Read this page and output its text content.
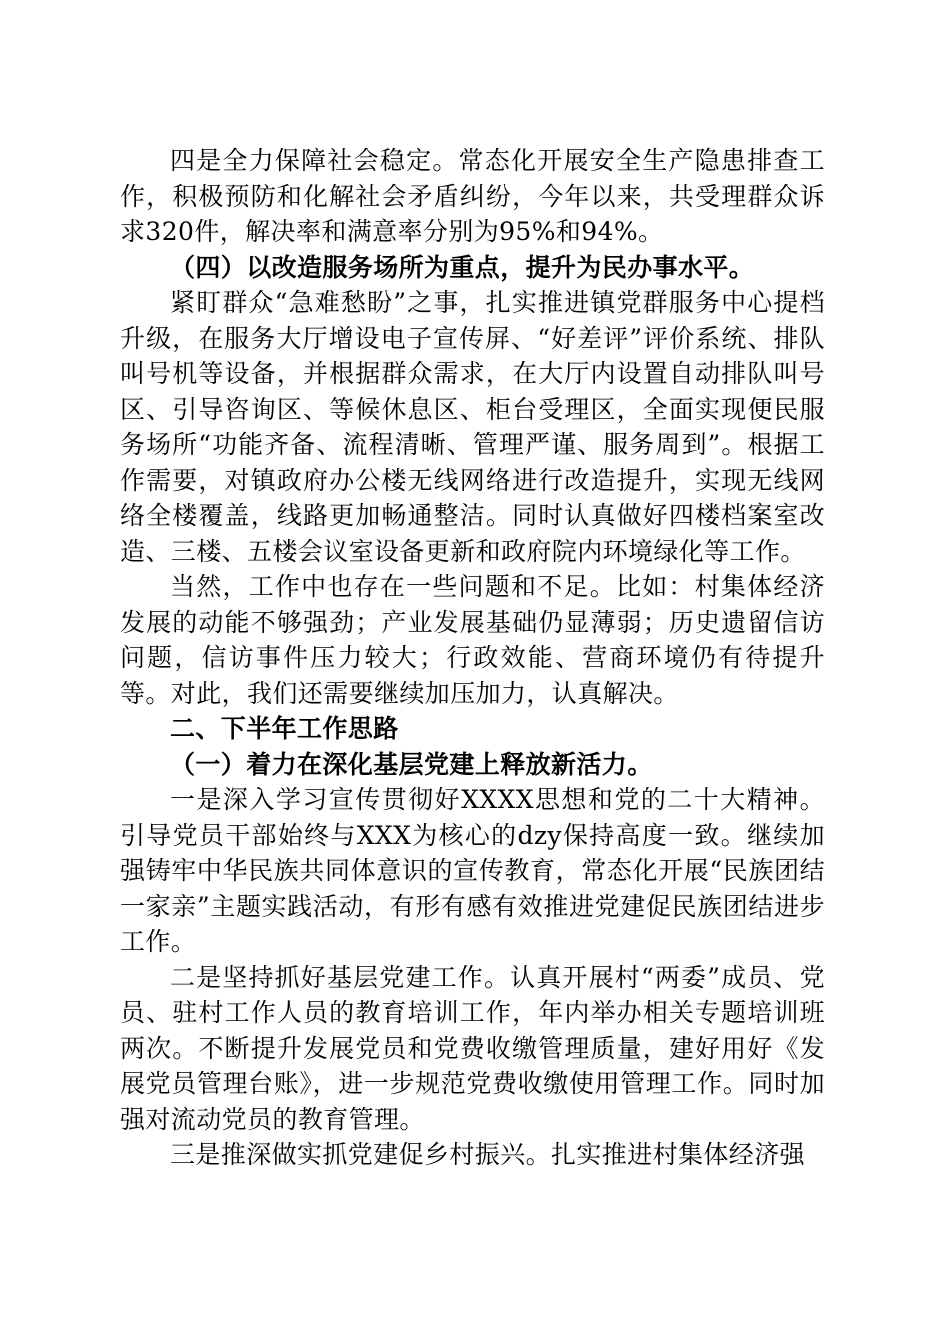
四是全力保障社会稳定。常态化开展安全生产隐患排查工作，积极预防和化解社会矛盾纠纷，今年以来，共受理群众诉求320件，解决率和满意率分别为95%和94%。

（四）以改造服务场所为重点，提升为民办事水平。

紧盯群众“急难愁盼”之事，扎实推进镇党群服务中心提档升级，在服务大厅增设电子宣传屏、“好差评”评价系统、排队叫号机等设备，并根据群众需求，在大厅内设置自动排队叫号区、引导咨询区、等候休息区、柜台受理区，全面实现便民服务场所“功能齐备、流程清晰、管理严谨、服务周到”。根据工作需要，对镇政府办公楼无线网络进行改造提升，实现无线网络全楼覆盖，线路更加畅通整洁。同时认真做好四楼档案室改造、三楼、五楼会议室设备更新和政府院内环境绿化等工作。

当然，工作中也存在一些问题和不足。比如：村集体经济发展的动能不够强劲；产业发展基础仍显薄弱；历史遗留信访问题，信访事件压力较大；行政效能、营商环境仍有待提升等。对此，我们还需要继续加压加力，认真解决。

二、下半年工作思路

（一）着力在深化基层党建上释放新活力。

一是深入学习宣传贯彻好XXXX思想和党的二十大精神。引导党员干部始终与XXX为核心的dzy保持高度一致。继续加强铸牢中华民族共同体意识的宣传教育，常态化开展“民族团结一家亲”主题实践活动，有形有感有效推进党建促民族团结进步工作。

二是坚持抓好基层党建工作。认真开展村“两委”成员、党员、驻村工作人员的教育培训工作，年内举办相关专题培训班两次。不断提升发展党员和党费收缴管理质量，建好用好《发展党员管理台账》，进一步规范党费收缴使用管理工作。同时加强对流动党员的教育管理。

三是推深做实抓党建促乡村振兴。扎实推进村集体经济强
